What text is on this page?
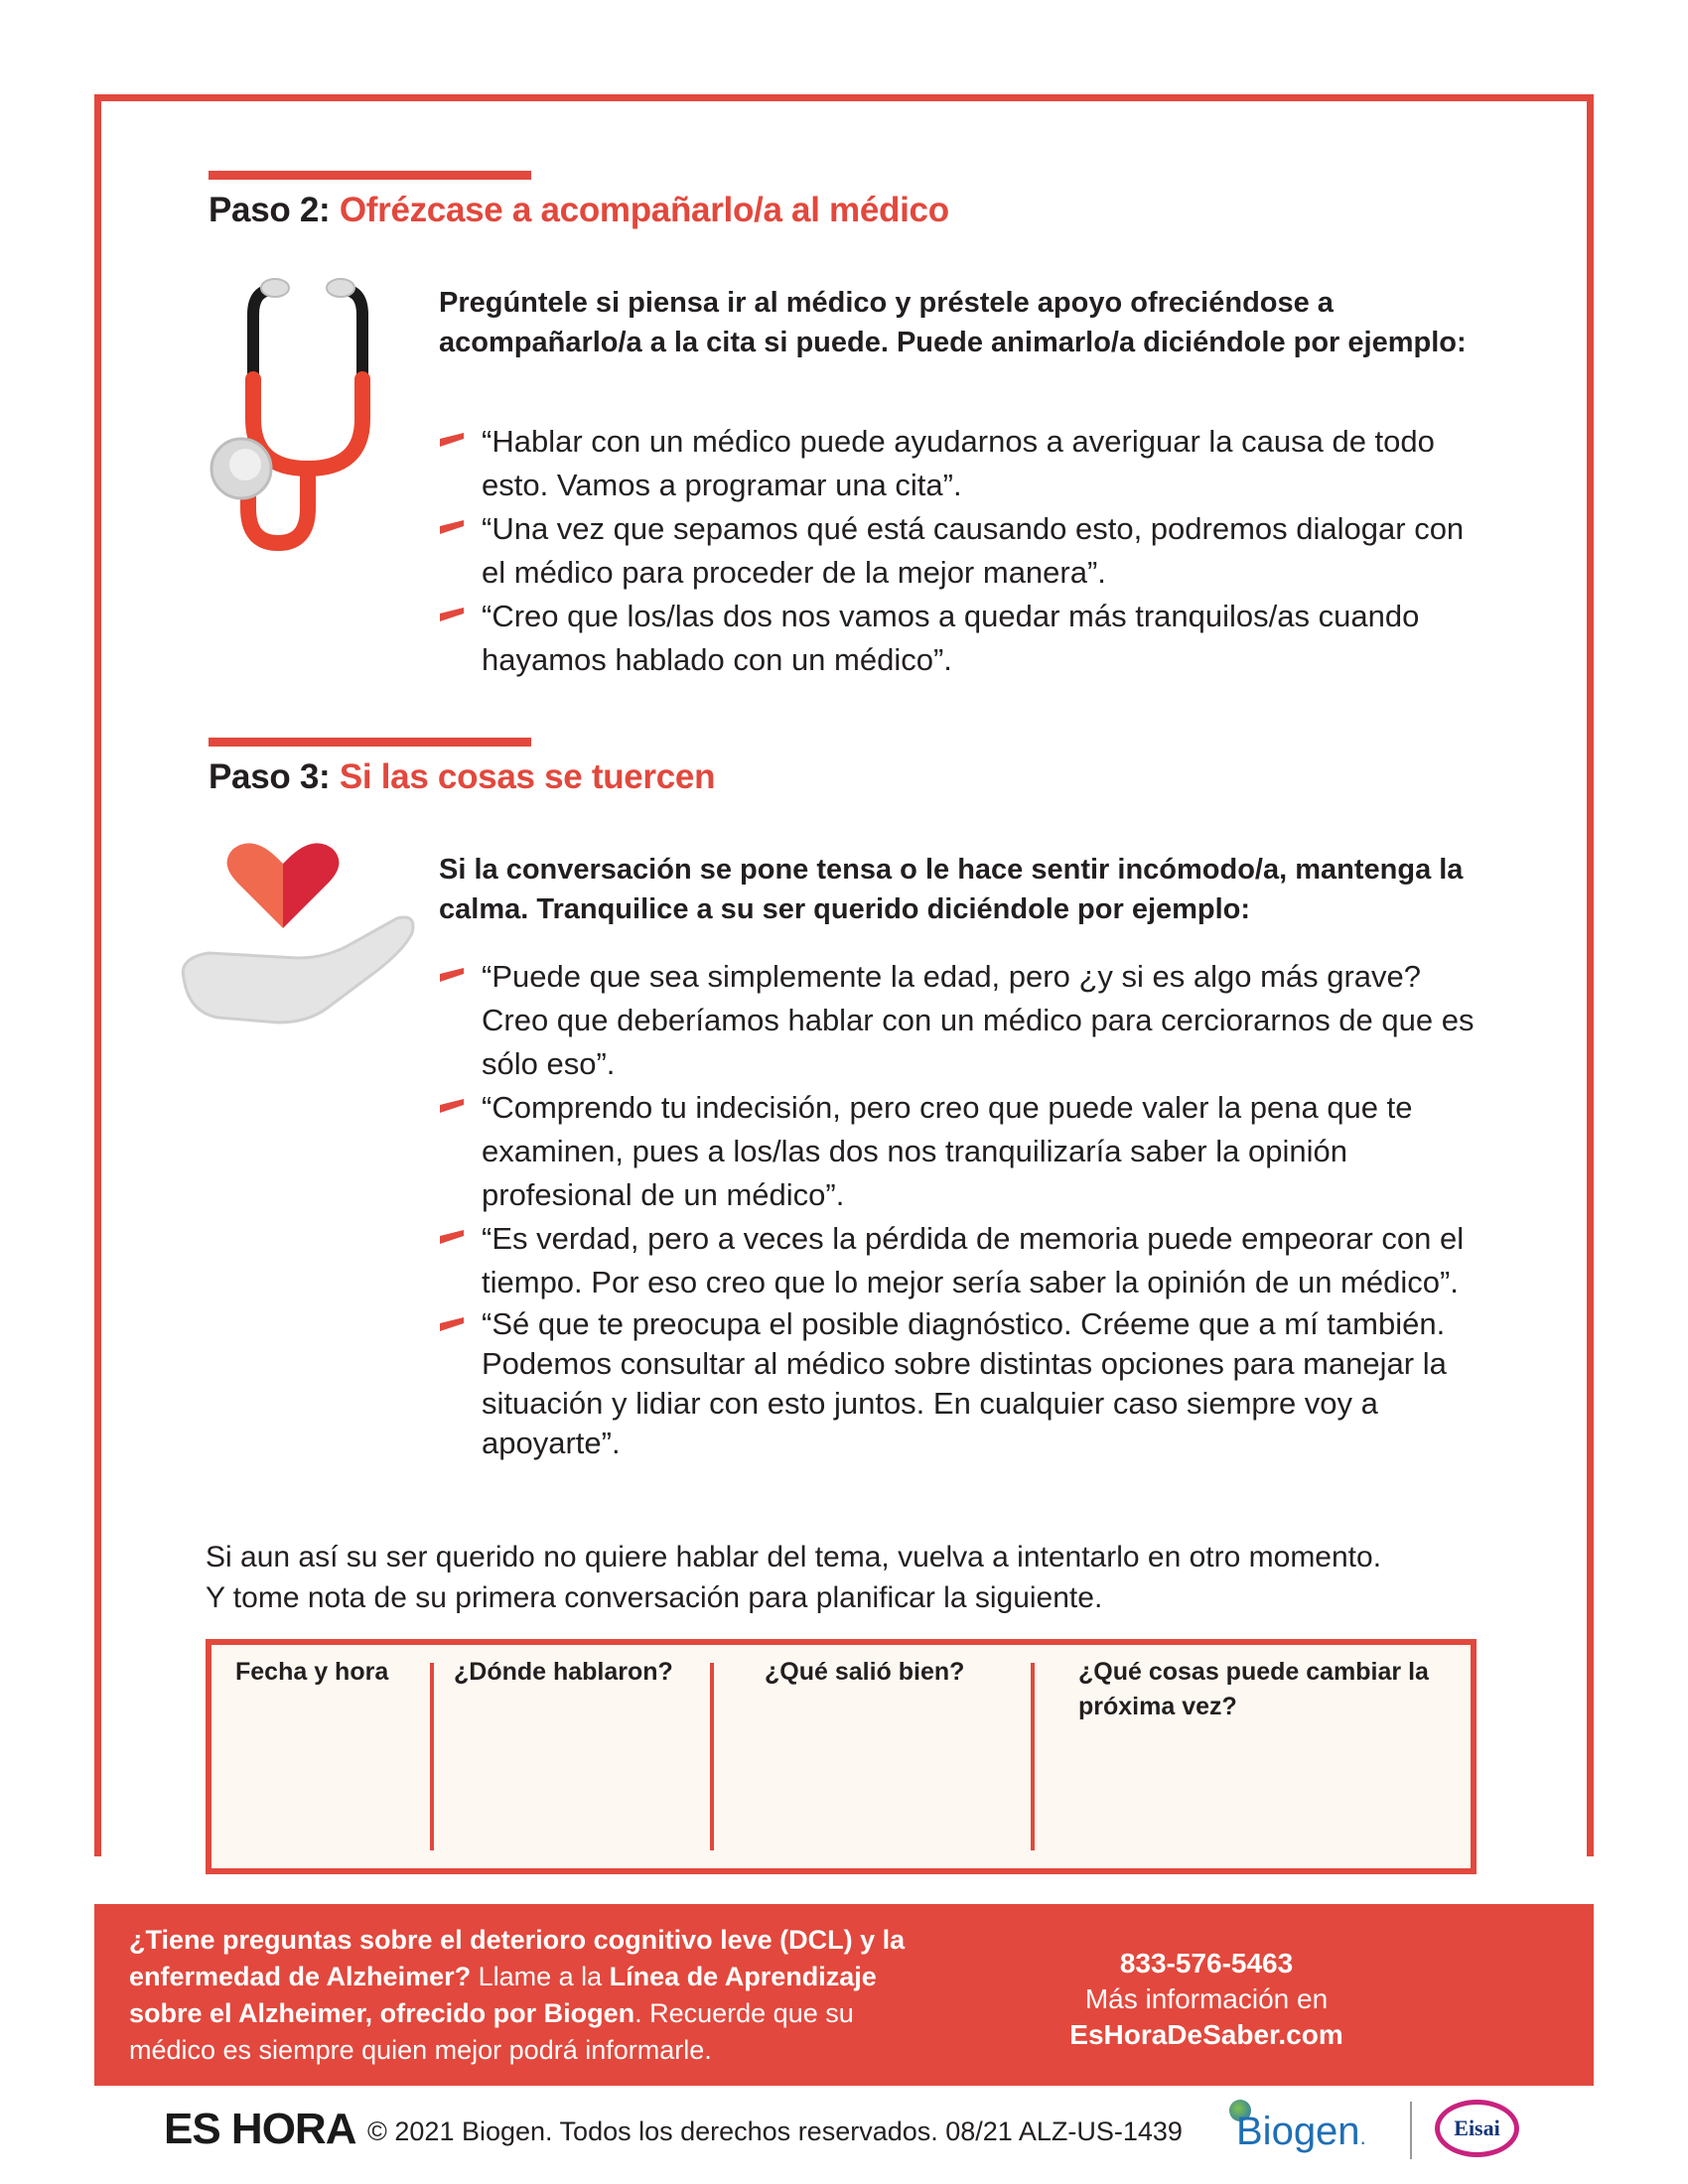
Paso 2: Ofrézcase a acompañarlo/a al médico
Pregúntele si piensa ir al médico y préstele apoyo ofreciéndose a acompañarlo/a a la cita si puede. Puede animarlo/a diciéndole por ejemplo:
“Hablar con un médico puede ayudarnos a averiguar la causa de todo esto. Vamos a programar una cita”.
“Una vez que sepamos qué está causando esto, podremos dialogar con el médico para proceder de la mejor manera”.
“Creo que los/las dos nos vamos a quedar más tranquilos/as cuando hayamos hablado con un médico”.
Paso 3: Si las cosas se tuercen
Si la conversación se pone tensa o le hace sentir incómodo/a, mantenga la calma. Tranquilice a su ser querido diciéndole por ejemplo:
“Puede que sea simplemente la edad, pero ¿y si es algo más grave? Creo que deberíamos hablar con un médico para cerciorarnos de que es sólo eso”.
“Comprendo tu indecisión, pero creo que puede valer la pena que te examinen, pues a los/las dos nos tranquilizaría saber la opinión profesional de un médico”.
“Es verdad, pero a veces la pérdida de memoria puede empeorar con el tiempo. Por eso creo que lo mejor sería saber la opinión de un médico”.
“Sé que te preocupa el posible diagnóstico. Créeme que a mí también. Podemos consultar al médico sobre distintas opciones para manejar la situación y lidiar con esto juntos. En cualquier caso siempre voy a apoyarte”.
Si aun así su ser querido no quiere hablar del tema, vuelva a intentarlo en otro momento.
Y tome nota de su primera conversación para planificar la siguiente.
Fecha y hora	¿Dónde hablaron?	¿Qué salió bien?	¿Qué cosas puede cambiar la próxima vez?
¿Tiene preguntas sobre el deterioro cognitivo leve (DCL) y la enfermedad de Alzheimer? Llame a la Línea de Aprendizaje sobre el Alzheimer, ofrecido por Biogen. Recuerde que su médico es siempre quien mejor podrá informarle.
833-576-5463
Más información en
EsHoraDeSaber.com
ES HORA © 2021 Biogen. Todos los derechos reservados. 08/21 ALZ-US-1439 Biogen.	Eisai
